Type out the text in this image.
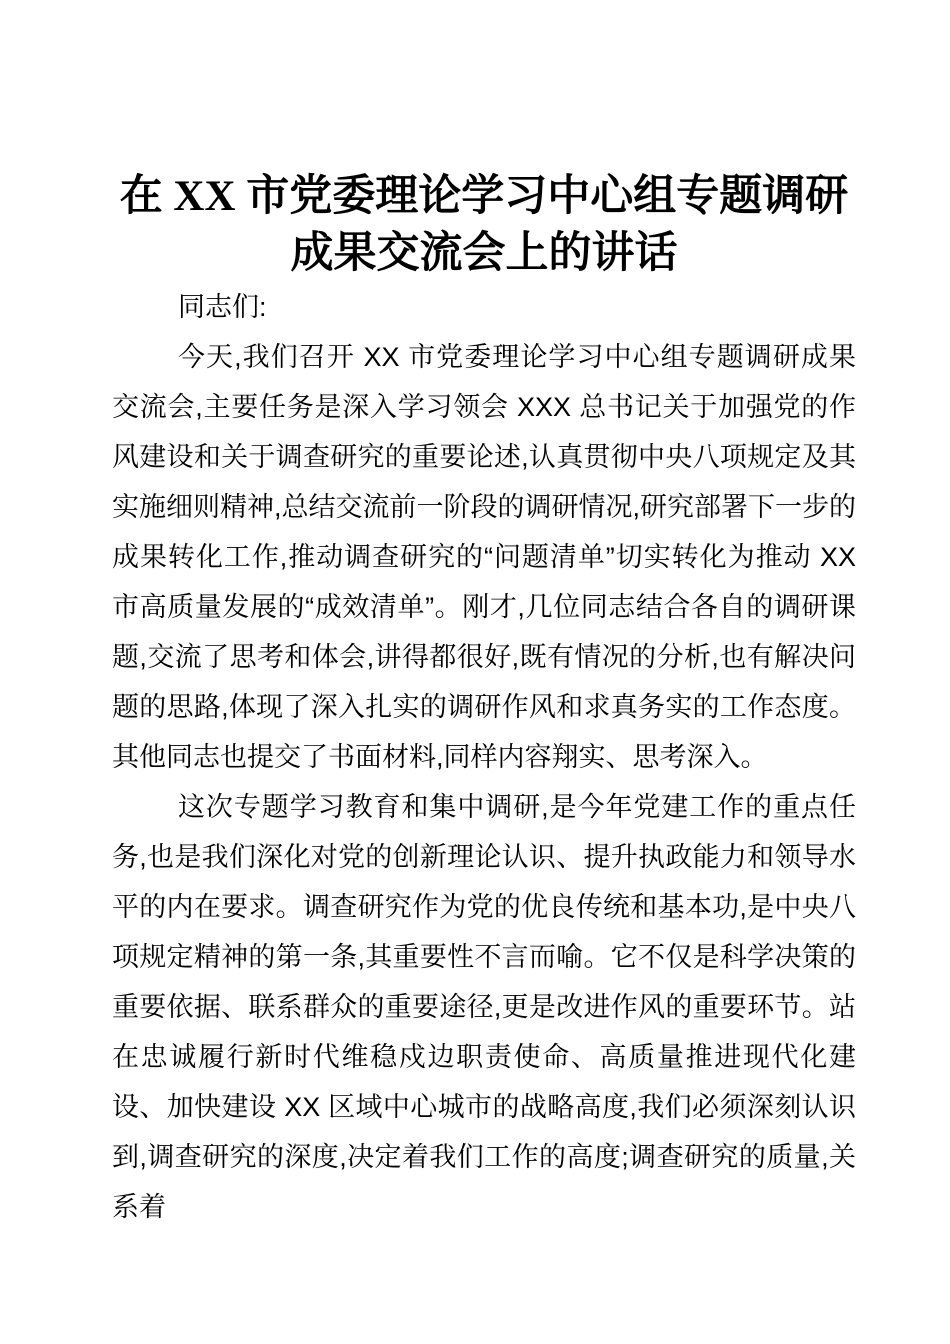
在 XX 市党委理论学习中心组专题调研
成果交流会上的讲话

同志们:

今天,我们召开 XX 市党委理论学习中心组专题调研成果交流会,主要任务是深入学习领会 XXX 总书记关于加强党的作风建设和关于调查研究的重要论述,认真贯彻中央八项规定及其实施细则精神,总结交流前一阶段的调研情况,研究部署下一步的成果转化工作,推动调查研究的“问题清单”切实转化为推动 XX 市高质量发展的“成效清单”。刚才,几位同志结合各自的调研课题,交流了思考和体会,讲得都很好,既有情况的分析,也有解决问题的思路,体现了深入扎实的调研作风和求真务实的工作态度。其他同志也提交了书面材料,同样内容翔实、思考深入。

这次专题学习教育和集中调研,是今年党建工作的重点任务,也是我们深化对党的创新理论认识、提升执政能力和领导水平的内在要求。调查研究作为党的优良传统和基本功,是中央八项规定精神的第一条,其重要性不言而喻。它不仅是科学决策的重要依据、联系群众的重要途径,更是改进作风的重要环节。站在忠诚履行新时代维稳戍边职责使命、高质量推进现代化建设、加快建设 XX 区域中心城市的战略高度,我们必须深刻认识到,调查研究的深度,决定着我们工作的高度;调查研究的质量,关系着
